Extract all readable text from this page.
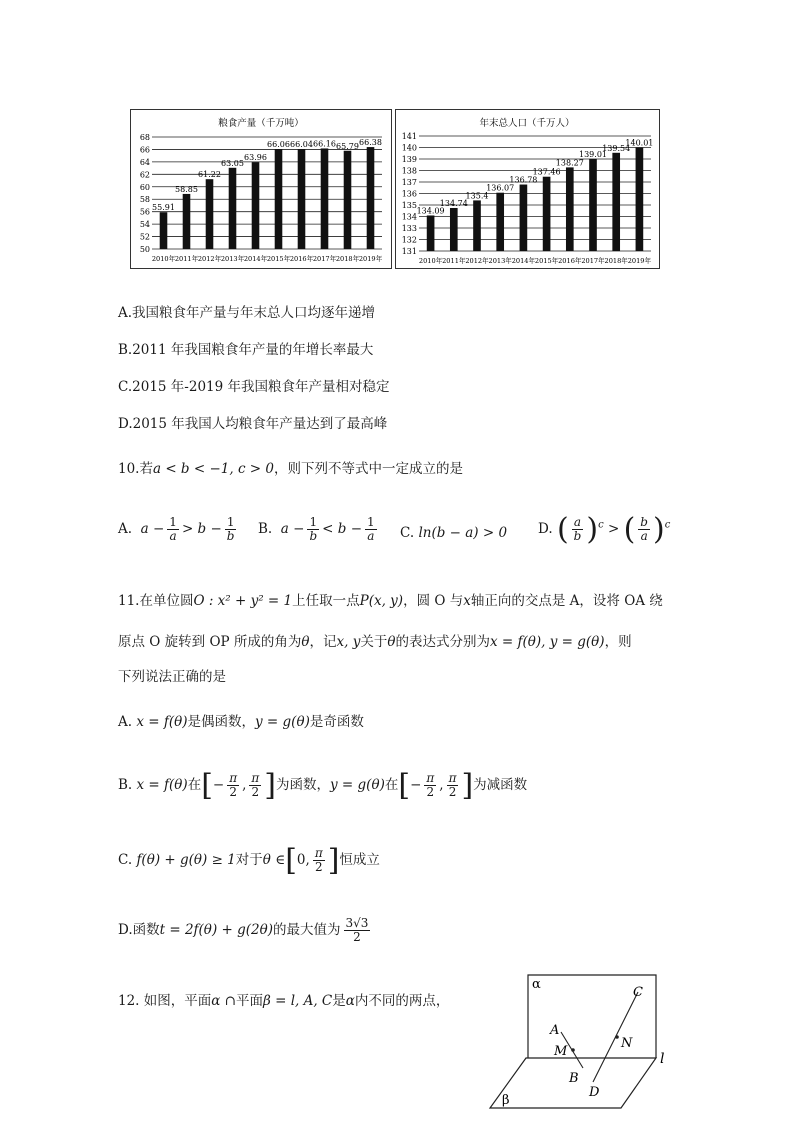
粮食产量（千万吨）
50
52
54
56
58
60
62
64
66
68
55.91
58.85
61.22
63.05
63.96
66.06 66.04 66.16 65.79 66.38
2010年 2011年 2012年 2013年 2014年 2015年 2016年 2017年 2018年 2019年
年末总人口（千万人）
131
132
133
134
135
136
137
138
139
140
141
134.09
134.74
135.4
136.07
136.78
137.46
138.27
139.01
139.54
140.01
2010年 2011年 2012年 2013年 2014年 2015年 2016年 2017年 2018年 2019年
A.我国粮食年产量与年末总人口均逐年递增
B.2011 年我国粮食年产量的年增长率最大
C.2015 年-2019 年我国粮食年产量相对稳定
D.2015 年我国人均粮食年产量达到了最高峰
10.若a < b < −1, c > 0，则下列不等式中一定成立的是
A.  $a - \frac{1}{a} > b - \frac{1}{b} B$.  $a - \frac{1}{b} < b - \frac{1}{a} C$. ln(b − a) > 0 D. ( $\frac{a}{b} )^c$ > ( $\frac{b}{a} )^c$
11.在单位圆O : x² + y² = 1上任取一点P(x, y)，圆 O 与x轴正向的交点是 A，设将 OA 绕
原点 O 旋转到 OP 所成的角为θ，记x, y关于θ的表达式分别为x = f(θ), y = g(θ)，则
下列说法正确的是
A. x = f(θ)是偶函数，y = g(θ)是奇函数
B. x = f(θ)在[− $\frac{\pi}{2}$ , $\frac{\pi}{2}$ ]为函数，y = g(θ)在[− $\frac{\pi}{2}$ , $\frac{\pi}{2}$ ]为减函数
C. f(θ) + g(θ) ≥ 1对于θ ∈[0, $\frac{\pi}{2}$ ]恒成立
D.函数t = 2f(θ) + g(2θ)的最大值为 $\frac{3√3}{2}$
12. 如图，平面α ∩平面β = l, A, C是α内不同的两点，
α
β
l
A
M
B
C
N
D
